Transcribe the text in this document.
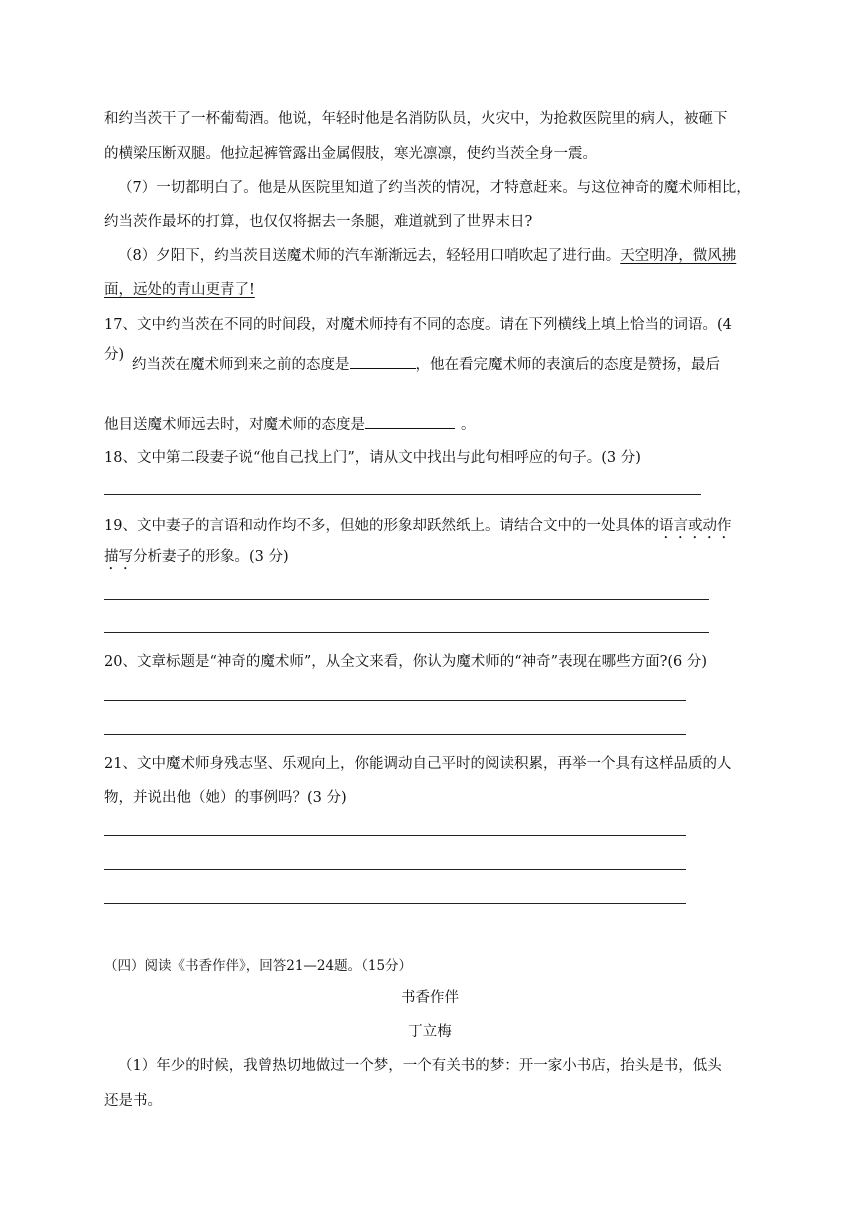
和约当茨干了一杯葡萄酒。他说，年轻时他是名消防队员，火灾中，为抢救医院里的病人，被砸下
的横梁压断双腿。他拉起裤管露出金属假肢，寒光凛凛，使约当茨全身一震。
（7）一切都明白了。他是从医院里知道了约当茨的情况，才特意赶来。与这位神奇的魔术师相比，
约当茨作最坏的打算，也仅仅将据去一条腿，难道就到了世界末日?
（8）夕阳下，约当茨目送魔术师的汽车渐渐远去，轻轻用口哨吹起了进行曲。天空明净，微风拂
面，远处的青山更青了!
17、文中约当茨在不同的时间段，对魔术师持有不同的态度。请在下列横线上填上恰当的词语。(4
分)
约当茨在魔术师到来之前的态度是	，他在看完魔术师的表演后的态度是赞扬，最后
他目送魔术师远去时，对魔术师的态度是	。
18、文中第二段妻子说“他自己找上门”，请从文中找出与此句相呼应的句子。(3 分)
19、文中妻子的言语和动作均不多，但她的形象却跃然纸上。请结合文中的一处具体的语言或动作
描写分析妻子的形象。(3 分)
20、文章标题是“神奇的魔术师”，从全文来看，你认为魔术师的“神奇”表现在哪些方面?(6 分)
21、文中魔术师身残志坚、乐观向上，你能调动自己平时的阅读积累，再举一个具有这样品质的人
物，并说出他（她）的事例吗？(3 分)
（四）阅读《书香作伴》，回答21—24题。（15分）
书香作伴
丁立梅
（1）年少的时候，我曾热切地做过一个梦，一个有关书的梦：开一家小书店，抬头是书，低头
还是书。
